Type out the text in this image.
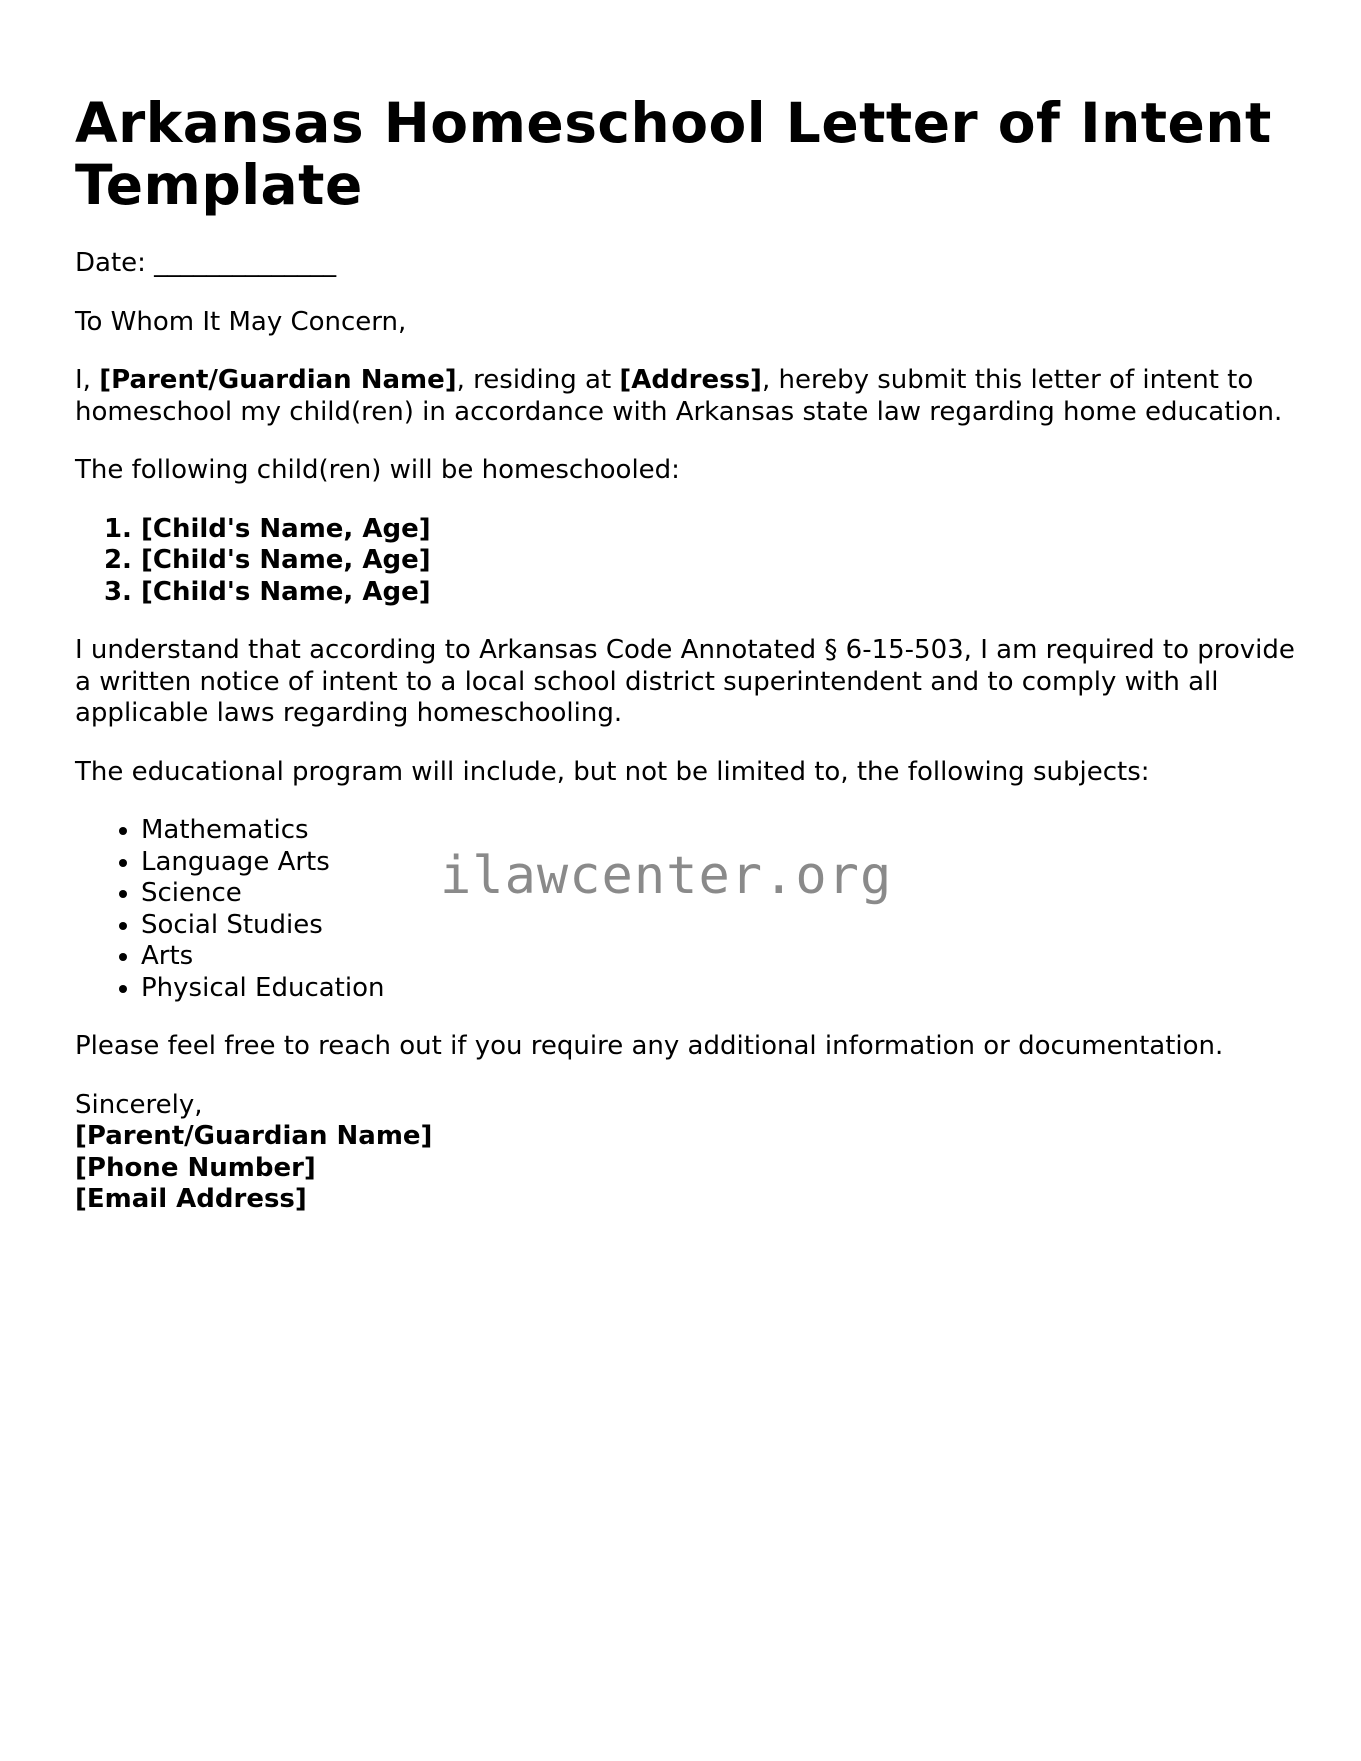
Arkansas Homeschool Letter of Intent Template

Date: ______________

To Whom It May Concern,

I, [Parent/Guardian Name], residing at [Address], hereby submit this letter of intent to homeschool my child(ren) in accordance with Arkansas state law regarding home education.

The following child(ren) will be homeschooled:

1. [Child's Name, Age]
2. [Child's Name, Age]
3. [Child's Name, Age]

I understand that according to Arkansas Code Annotated § 6-15-503, I am required to provide a written notice of intent to a local school district superintendent and to comply with all applicable laws regarding homeschooling.

The educational program will include, but not be limited to, the following subjects:

• Mathematics
• Language Arts
• Science
• Social Studies
• Arts
• Physical Education

Please feel free to reach out if you require any additional information or documentation.

Sincerely,
[Parent/Guardian Name]
[Phone Number]
[Email Address]

ilawcenter.org
